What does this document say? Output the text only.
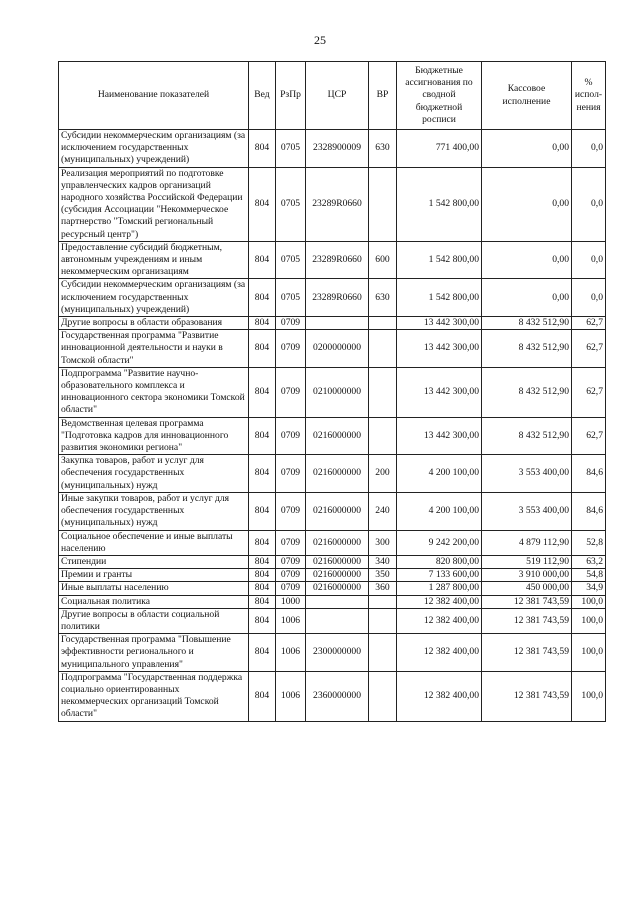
25
Наименование показателей	Вед	РзПр	ЦСР	ВР	Бюджетные ассигнования по сводной бюджетной росписи	Кассовое исполнение	% испол-нения
Субсидии некоммерческим организациям (за исключением государственных (муниципальных) учреждений)	804	0705	2328900009	630	771 400,00	0,00	0,0
Реализация мероприятий по подготовке управленческих кадров организаций народного хозяйства Российской Федерации (субсидия Ассоциации "Некоммерческое партнерство "Томский региональный ресурсный центр")	804	0705	23289R0660		1 542 800,00	0,00	0,0
Предоставление субсидий бюджетным, автономным учреждениям и иным некоммерческим организациям	804	0705	23289R0660	600	1 542 800,00	0,00	0,0
Субсидии некоммерческим организациям (за исключением государственных (муниципальных) учреждений)	804	0705	23289R0660	630	1 542 800,00	0,00	0,0
Другие вопросы в области образования	804	0709			13 442 300,00	8 432 512,90	62,7
Государственная программа "Развитие инновационной деятельности и науки в Томской области"	804	0709	0200000000		13 442 300,00	8 432 512,90	62,7
Подпрограмма "Развитие научно-образовательного комплекса и инновационного сектора экономики Томской области"	804	0709	0210000000		13 442 300,00	8 432 512,90	62,7
Ведомственная целевая программа "Подготовка кадров для инновационного развития экономики региона"	804	0709	0216000000		13 442 300,00	8 432 512,90	62,7
Закупка товаров, работ и услуг для обеспечения государственных (муниципальных) нужд	804	0709	0216000000	200	4 200 100,00	3 553 400,00	84,6
Иные закупки товаров, работ и услуг для обеспечения государственных (муниципальных) нужд	804	0709	0216000000	240	4 200 100,00	3 553 400,00	84,6
Социальное обеспечение и иные выплаты населению	804	0709	0216000000	300	9 242 200,00	4 879 112,90	52,8
Стипендии	804	0709	0216000000	340	820 800,00	519 112,90	63,2
Премии и гранты	804	0709	0216000000	350	7 133 600,00	3 910 000,00	54,8
Иные выплаты населению	804	0709	0216000000	360	1 287 800,00	450 000,00	34,9
Социальная политика	804	1000			12 382 400,00	12 381 743,59	100,0
Другие вопросы в области социальной политики	804	1006			12 382 400,00	12 381 743,59	100,0
Государственная программа "Повышение эффективности регионального и муниципального управления"	804	1006	2300000000		12 382 400,00	12 381 743,59	100,0
Подпрограмма "Государственная поддержка социально ориентированных некоммерческих организаций Томской области"	804	1006	2360000000		12 382 400,00	12 381 743,59	100,0
